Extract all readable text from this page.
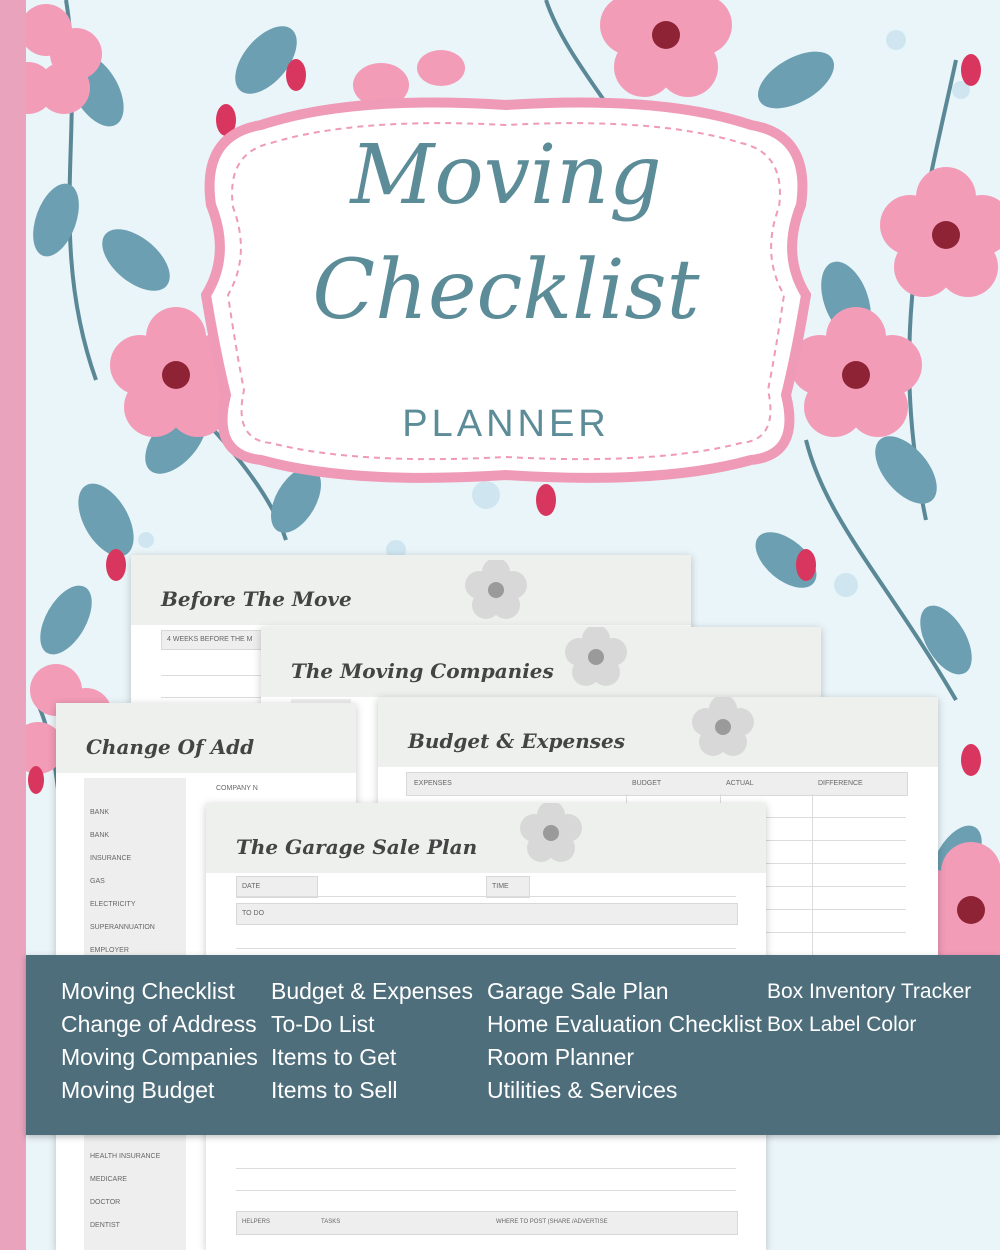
Moving
Checklist
PLANNER
Before The Move
4 WEEKS BEFORE THE M
The Moving Companies
Change Of Add
COMPANY N
BANK
BANK
INSURANCE
GAS
ELECTRICITY
SUPERANNUATION
EMPLOYER
HEALTH INSURANCE
MEDICARE
DOCTOR
DENTIST
Budget & Expenses
EXPENSES	BUDGET	ACTUAL	DIFFERENCE
The Garage Sale Plan
DATE	TIME
TO DO
HELPERS	TASKS	WHERE TO POST (SHARE /ADVERTISE
Moving Checklist
Change of Address
Moving Companies
Moving Budget
Budget & Expenses
To-Do List
Items to Get
Items to Sell
Garage Sale Plan
Home Evaluation Checklist
Room Planner
Utilities & Services
Box Inventory Tracker
Box Label Color
